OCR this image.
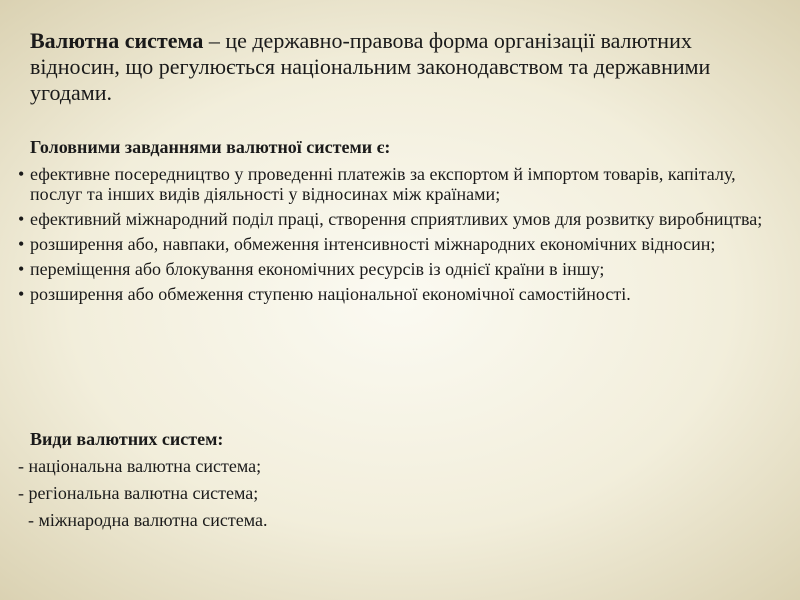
Валютна система – це державно-правова форма організації валютних відносин, що регулюється національним законодавством та державними угодами.

Головними завданнями валютної системи є:
• ефективне посередництво у проведенні платежів за експортом й імпортом товарів, капіталу, послуг та інших видів діяльності у відносинах між країнами;
• ефективний міжнародний поділ праці, створення сприятливих умов для розвитку виробництва;
• розширення або, навпаки, обмеження інтенсивності міжнародних економічних відносин;
• переміщення або блокування економічних ресурсів із однієї країни в іншу;
• розширення або обмеження ступеню національної економічної самостійності.
Види валютних систем:
- національна валютна система;
- регіональна валютна система;
- міжнародна валютна система.
